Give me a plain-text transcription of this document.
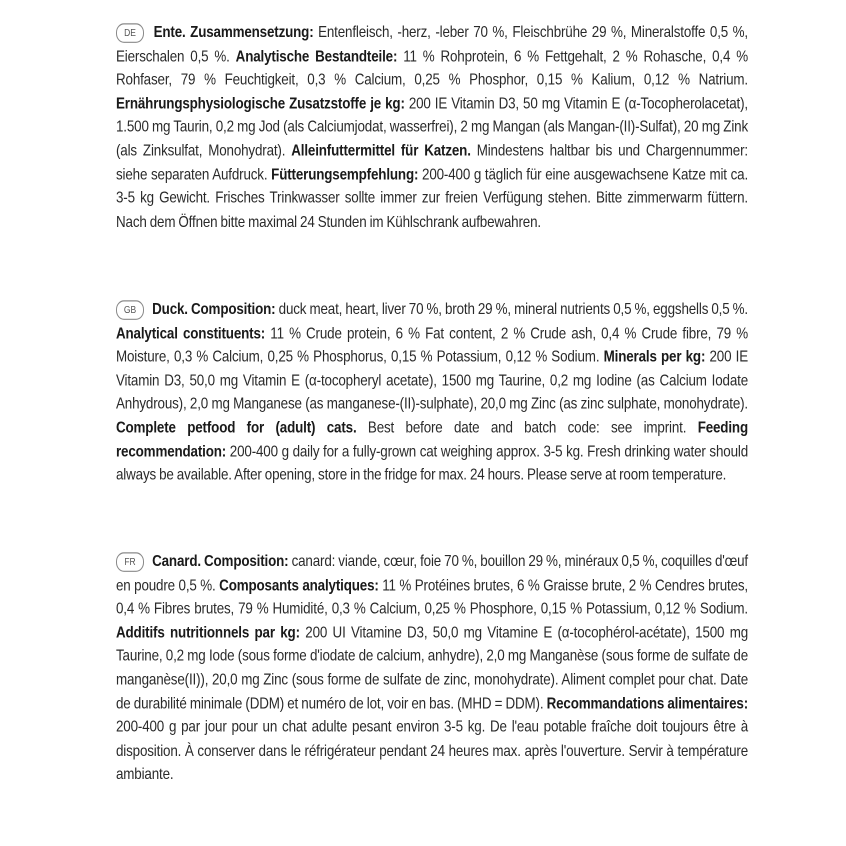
DE Ente. Zusammensetzung: Entenfleisch, -herz, -leber 70 %, Fleischbrühe 29 %, Mineralstoffe 0,5 %, Eierschalen 0,5 %. Analytische Bestandteile: 11 % Rohprotein, 6 % Fettgehalt, 2 % Rohasche, 0,4 % Rohfaser, 79 % Feuchtigkeit, 0,3 % Calcium, 0,25 % Phosphor, 0,15 % Kalium, 0,12 % Natrium. Ernährungsphysiologische Zusatzstoffe je kg: 200 IE Vitamin D3, 50 mg Vitamin E (α-Tocopherolacetat), 1.500 mg Taurin, 0,2 mg Jod (als Calciumjodat, wasserfrei), 2 mg Mangan (als Mangan-(II)-Sulfat), 20 mg Zink (als Zinksulfat, Monohydrat). Alleinfuttermittel für Katzen. Mindestens haltbar bis und Chargennummer: siehe separaten Aufdruck. Fütterungsempfehlung: 200-400 g täglich für eine ausgewachsene Katze mit ca. 3-5 kg Gewicht. Frisches Trinkwasser sollte immer zur freien Verfügung stehen. Bitte zimmerwarm füttern. Nach dem Öffnen bitte maximal 24 Stunden im Kühlschrank aufbewahren.
GB Duck. Composition: duck meat, heart, liver 70 %, broth 29 %, mineral nutrients 0,5 %, eggshells 0,5 %. Analytical constituents: 11 % Crude protein, 6 % Fat content, 2 % Crude ash, 0,4 % Crude fibre, 79 % Moisture, 0,3 % Calcium, 0,25 % Phosphorus, 0,15 % Potassium, 0,12 % Sodium. Minerals per kg: 200 IE Vitamin D3, 50,0 mg Vitamin E (α-tocopheryl acetate), 1500 mg Taurine, 0,2 mg Iodine (as Calcium Iodate Anhydrous), 2,0 mg Manganese (as manganese-(II)-sulphate), 20,0 mg Zinc (as zinc sulphate, monohydrate). Complete petfood for (adult) cats. Best before date and batch code: see imprint. Feeding recommendation: 200-400 g daily for a fully-grown cat weighing approx. 3-5 kg. Fresh drinking water should always be available. After opening, store in the fridge for max. 24 hours. Please serve at room temperature.
FR Canard. Composition: canard: viande, cœur, foie 70 %, bouillon 29 %, minéraux 0,5 %, coquilles d'œuf en poudre 0,5 %. Composants analytiques: 11 % Protéines brutes, 6 % Graisse brute, 2 % Cendres brutes, 0,4 % Fibres brutes, 79 % Humidité, 0,3 % Calcium, 0,25 % Phosphore, 0,15 % Potassium, 0,12 % Sodium. Additifs nutritionnels par kg: 200 UI Vitamine D3, 50,0 mg Vitamine E (α-tocophérol-acétate), 1500 mg Taurine, 0,2 mg Iode (sous forme d'iodate de calcium, anhydre), 2,0 mg Manganèse (sous forme de sulfate de manganèse(II)), 20,0 mg Zinc (sous forme de sulfate de zinc, monohydrate). Aliment complet pour chat. Date de durabilité minimale (DDM) et numéro de lot, voir en bas. (MHD = DDM). Recommandations alimentaires: 200-400 g par jour pour un chat adulte pesant environ 3-5 kg. De l'eau potable fraîche doit toujours être à disposition. À conserver dans le réfrigérateur pendant 24 heures max. après l'ouverture. Servir à température ambiante.
